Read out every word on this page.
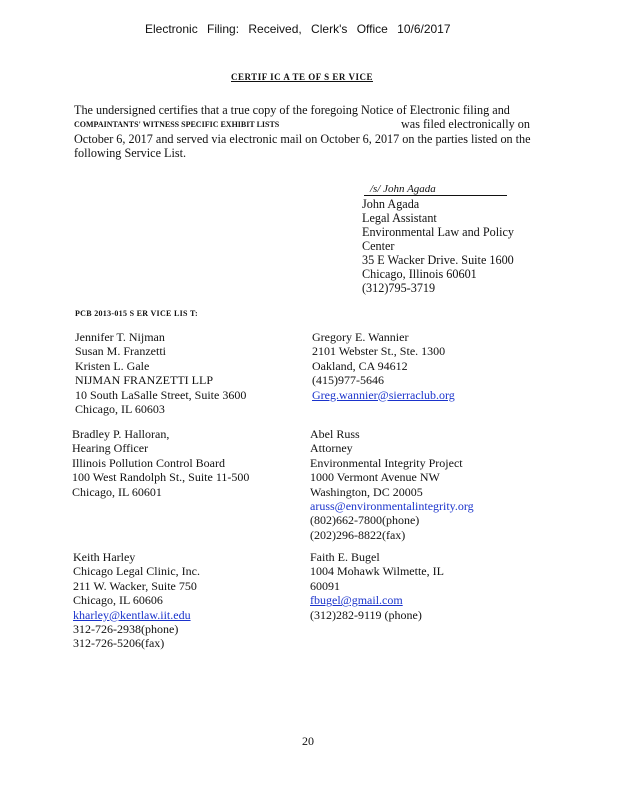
Electronic Filing: Received, Clerk's Office 10/6/2017
CERTIF IC A TE OF S ER VICE
The undersigned certifies that a true copy of the foregoing Notice of Electronic filing and
COMPAINTANTS' WITNESS SPECIFIC EXHIBIT LISTS	was filed electronically on
October 6, 2017 and served via electronic mail on October 6, 2017 on the parties listed on the
following Service List.
/s/ John Agada
John Agada
Legal Assistant
Environmental Law and Policy
Center
35 E Wacker Drive. Suite 1600
Chicago, Illinois 60601
(312)795-3719
PCB 2013-015 S ER VICE LIS T:
Jennifer T. Nijman
Susan M. Franzetti
Kristen L. Gale
NIJMAN FRANZETTI LLP
10 South LaSalle Street, Suite 3600
Chicago, IL 60603
Gregory E. Wannier
2101 Webster St., Ste. 1300
Oakland, CA 94612
(415)977-5646
Greg.wannier@sierraclub.org
Bradley P. Halloran,
Hearing Officer
Illinois Pollution Control Board
100 West Randolph St., Suite 11-500
Chicago, IL 60601
Abel Russ
Attorney
Environmental Integrity Project
1000 Vermont Avenue NW
Washington, DC 20005
aruss@environmentalintegrity.org
(802)662-7800(phone)
(202)296-8822(fax)
Keith Harley
Chicago Legal Clinic, Inc.
211 W. Wacker, Suite 750
Chicago, IL 60606
kharley@kentlaw.iit.edu
312-726-2938(phone)
312-726-5206(fax)
Faith E. Bugel
1004 Mohawk Wilmette, IL
60091
fbugel@gmail.com
(312)282-9119 (phone)
20
